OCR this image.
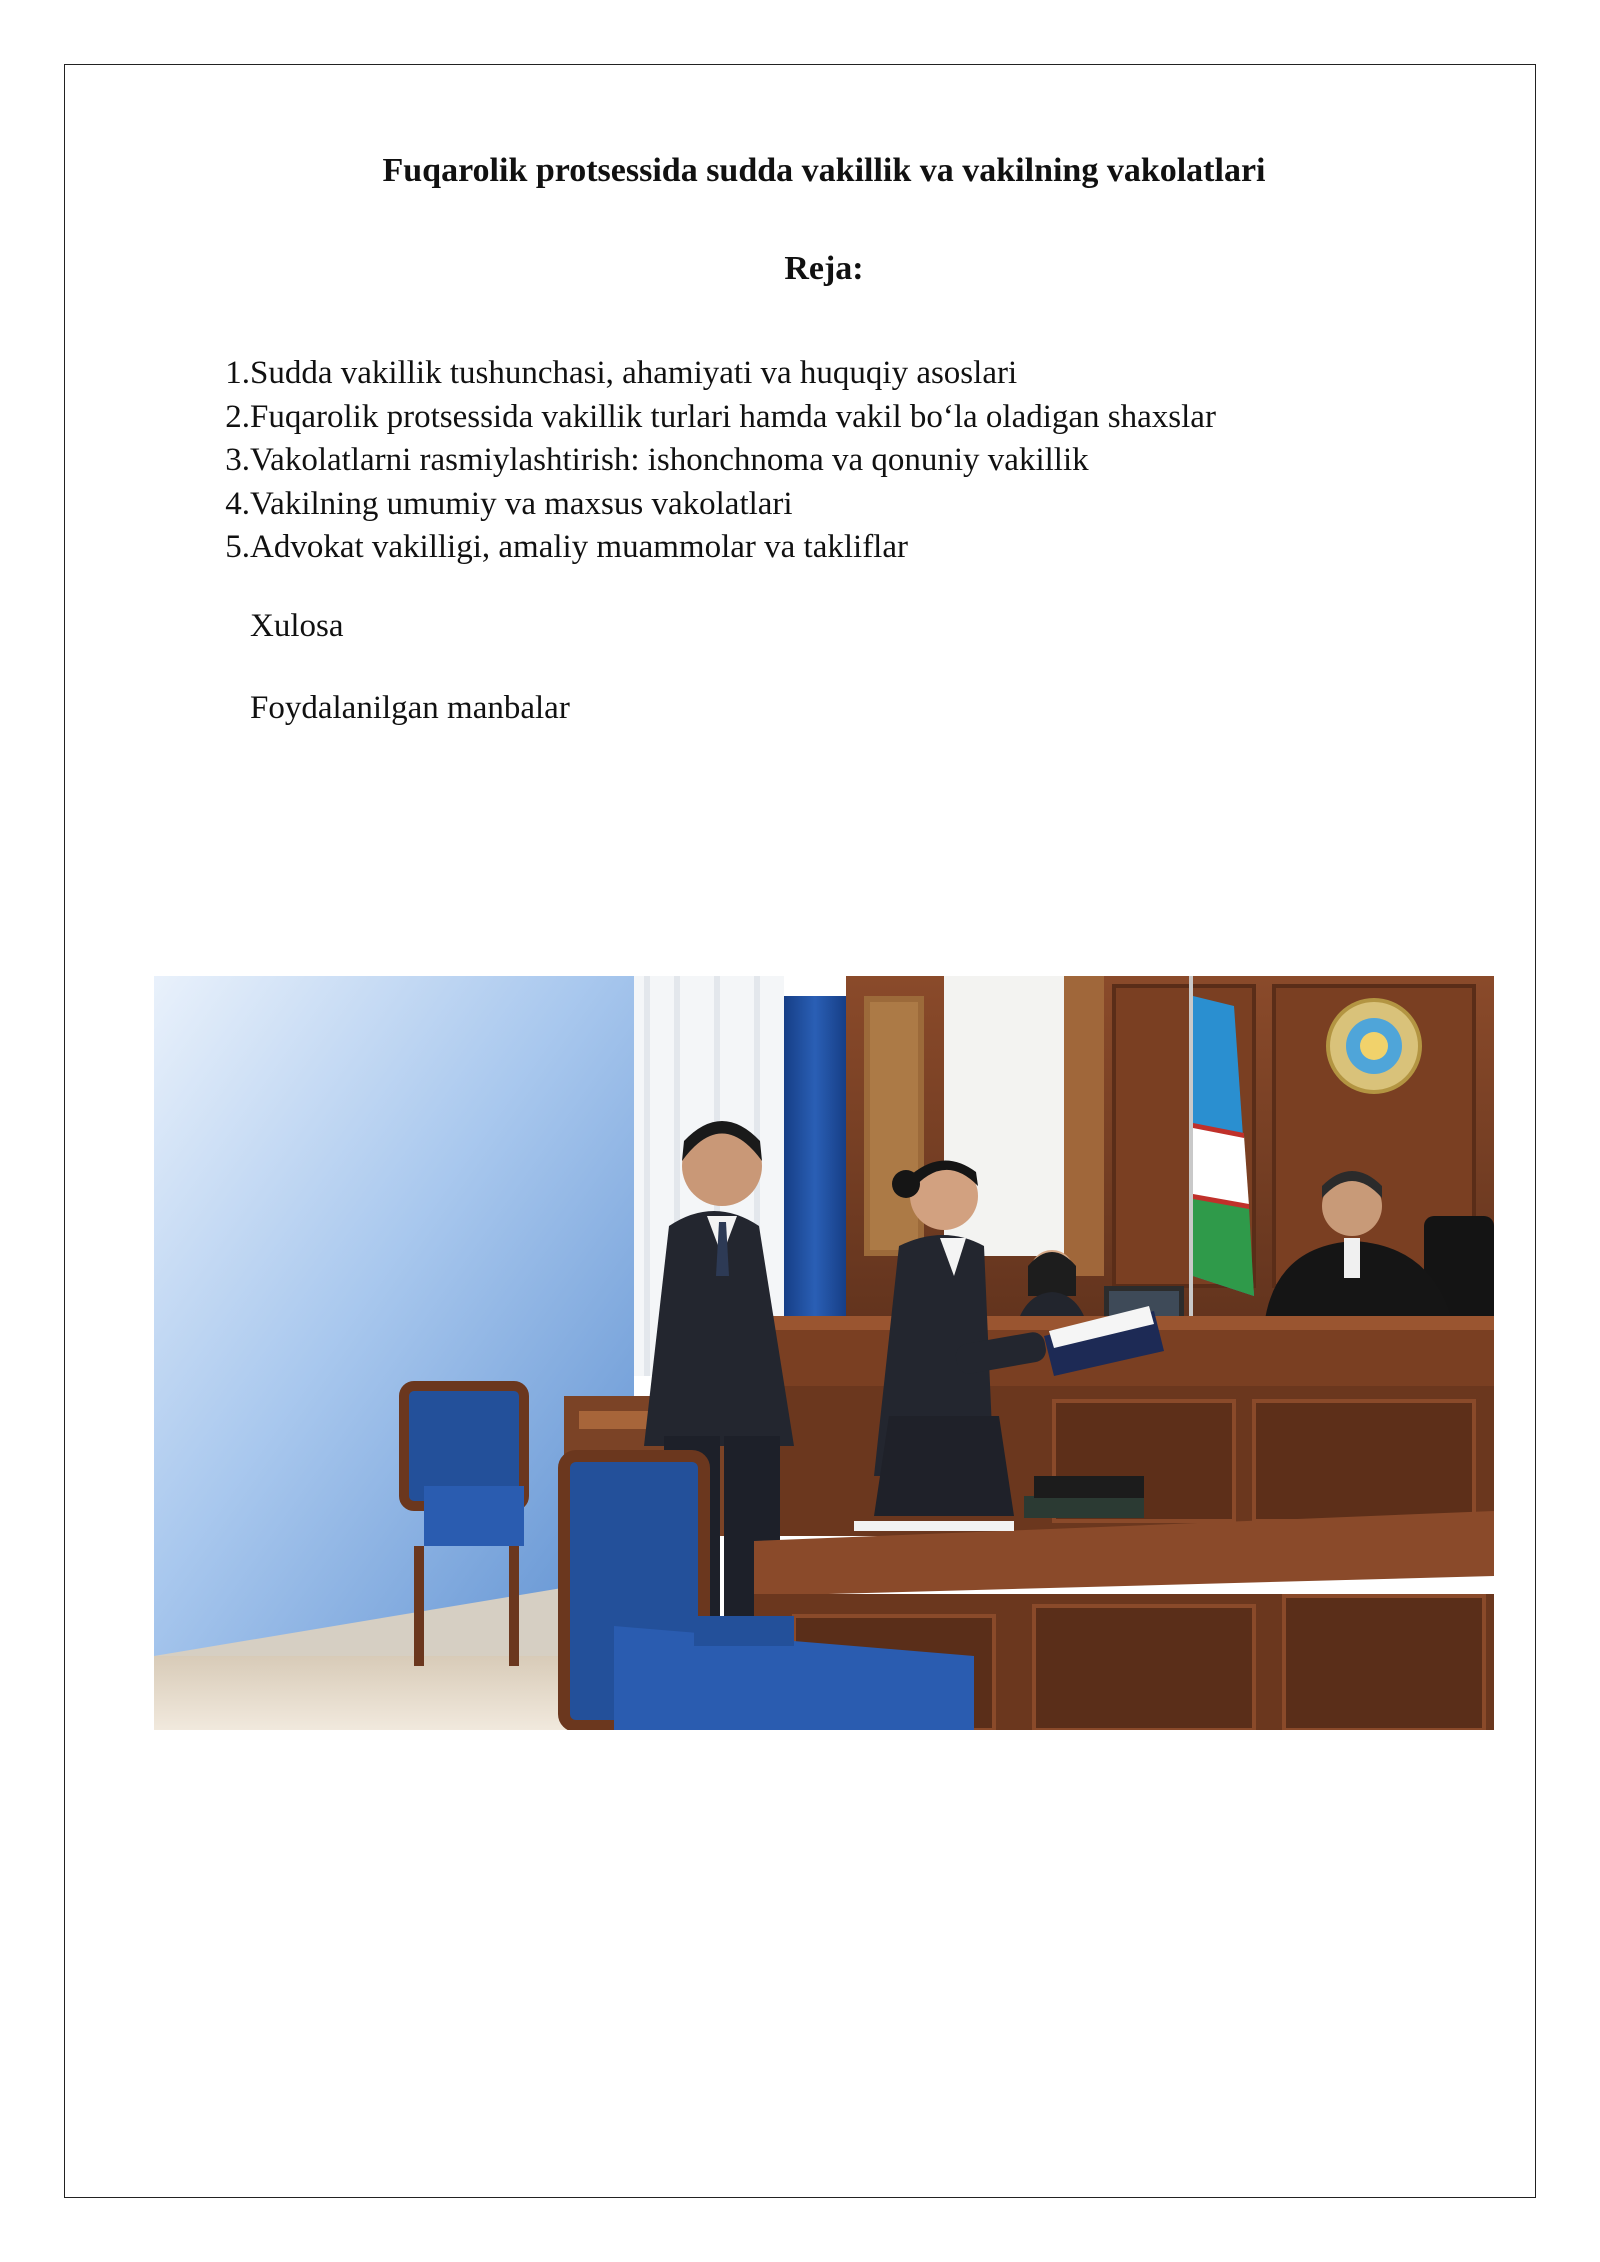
Fuqarolik protsessida sudda vakillik va vakilning vakolatlari
Reja:
1. Sudda vakillik tushunchasi, ahamiyati va huquqiy asoslari
2. Fuqarolik protsessida vakillik turlari hamda vakil bo‘la oladigan shaxslar
3. Vakolatlarni rasmiylashtirish: ishonchnoma va qonuniy vakillik
4. Vakilning umumiy va maxsus vakolatlari
5. Advokat vakilligi, amaliy muammolar va takliflar
Xulosa
Foydalanilgan manbalar
